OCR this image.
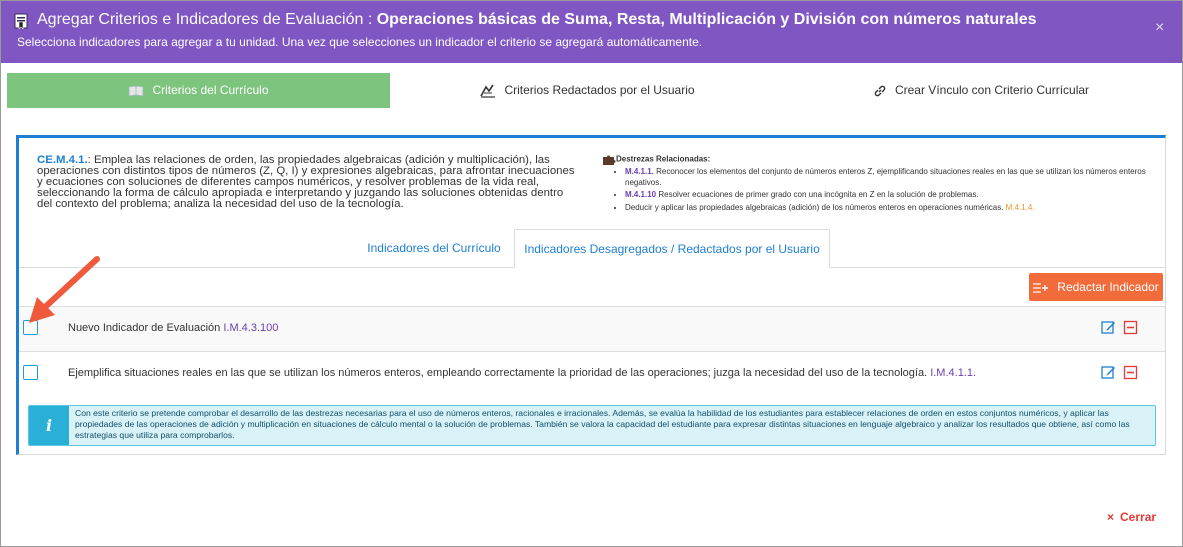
Agregar Criterios e Indicadores de Evaluación : Operaciones básicas de Suma, Resta, Multiplicación y División con números naturales
Selecciona indicadores para agregar a tu unidad. Una vez que selecciones un indicador el criterio se agregará automáticamente.
×
Criterios del Currículo	Criterios Redactados por el Usuario	Crear Vínculo con Criterio Currícular
CE.M.4.1.: Emplea las relaciones de orden, las propiedades algebraicas (adición y multiplicación), las operaciones con distintos tipos de números (Z, Q, I) y expresiones algebraicas, para afrontar inecuaciones y ecuaciones con soluciones de diferentes campos numéricos, y resolver problemas de la vida real, seleccionando la forma de cálculo apropiada e interpretando y juzgando las soluciones obtenidas dentro del contexto del problema; analiza la necesidad del uso de la tecnología.
Destrezas Relacionadas:
• M.4.1.1. Reconocer los elementos del conjunto de números enteros Z, ejemplificando situaciones reales en las que se utilizan los números enteros negativos.
• M.4.1.10 Resolver ecuaciones de primer grado con una incógnita en Z en la solución de problemas.
• Deducir y aplicar las propiedades algebraicas (adición) de los números enteros en operaciones numéricas. M.4.1.4.
Indicadores del Currículo	Indicadores Desagregados / Redactados por el Usuario
Redactar Indicador
Nuevo Indicador de Evaluación I.M.4.3.100
Ejemplifica situaciones reales en las que se utilizan los números enteros, empleando correctamente la prioridad de las operaciones; juzga la necesidad del uso de la tecnología. I.M.4.1.1.
i
Con este criterio se pretende comprobar el desarrollo de las destrezas necesarias para el uso de números enteros, racionales e irracionales. Además, se evalúa la habilidad de los estudiantes para establecer relaciones de orden en estos conjuntos numéricos, y aplicar las propiedades de las operaciones de adición y multiplicación en situaciones de cálculo mental o la solución de problemas. También se valora la capacidad del estudiante para expresar distintas situaciones en lenguaje algebraico y analizar los resultados que obtiene, así como las estrategias que utiliza para comprobarlos.
× Cerrar
